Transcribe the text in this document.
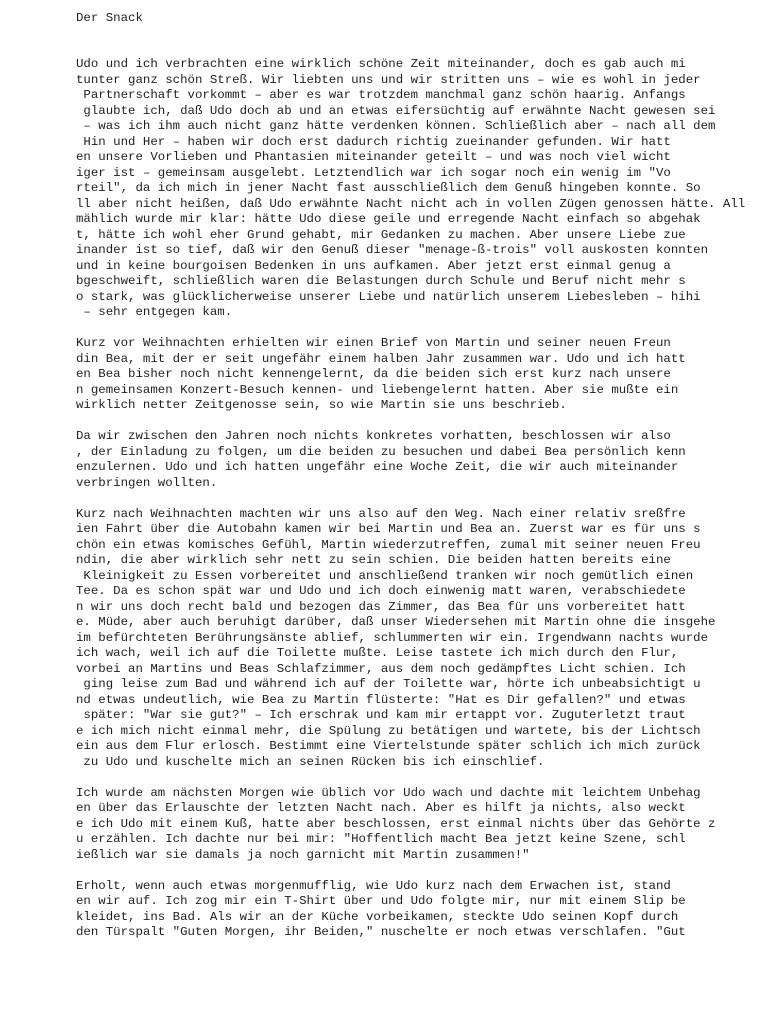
Der Snack
Udo und ich verbrachten eine wirklich schöne Zeit miteinander, doch es gab auch mi
tunter ganz schön Streß. Wir liebten uns und wir stritten uns – wie es wohl in jeder
Partnerschaft vorkommt – aber es war trotzdem manchmal ganz schön haarig. Anfangs
glaubte ich, daß Udo doch ab und an etwas eifersüchtig auf erwähnte Nacht gewesen sei
– was ich ihm auch nicht ganz hätte verdenken können. Schließlich aber – nach all dem
Hin und Her – haben wir doch erst dadurch richtig zueinander gefunden. Wir hatt
en unsere Vorlieben und Phantasien miteinander geteilt – und was noch viel wicht
iger ist – gemeinsam ausgelebt. Letztendlich war ich sogar noch ein wenig im "Vo
rteil", da ich mich in jener Nacht fast ausschließlich dem Genuß hingeben konnte. So
ll aber nicht heißen, daß Udo erwähnte Nacht nicht ach in vollen Zügen genossen hätte. All
mählich wurde mir klar: hätte Udo diese geile und erregende Nacht einfach so abgehak
t, hätte ich wohl eher Grund gehabt, mir Gedanken zu machen. Aber unsere Liebe zue
inander ist so tief, daß wir den Genuß dieser "menage-ß-trois" voll auskosten konnten
und in keine bourgoisen Bedenken in uns aufkamen. Aber jetzt erst einmal genug a
bgeschweift, schließlich waren die Belastungen durch Schule und Beruf nicht mehr s
o stark, was glücklicherweise unserer Liebe und natürlich unserem Liebesleben – hihi
– sehr entgegen kam.
Kurz vor Weihnachten erhielten wir einen Brief von Martin und seiner neuen Freun
din Bea, mit der er seit ungefähr einem halben Jahr zusammen war. Udo und ich hatt
en Bea bisher noch nicht kennengelernt, da die beiden sich erst kurz nach unsere
n gemeinsamen Konzert-Besuch kennen- und liebengelernt hatten. Aber sie mußte ein
wirklich netter Zeitgenosse sein, so wie Martin sie uns beschrieb.
Da wir zwischen den Jahren noch nichts konkretes vorhatten, beschlossen wir also
, der Einladung zu folgen, um die beiden zu besuchen und dabei Bea persönlich kenn
enzulernen. Udo und ich hatten ungefähr eine Woche Zeit, die wir auch miteinander
verbringen wollten.
Kurz nach Weihnachten machten wir uns also auf den Weg. Nach einer relativ sreßfre
ien Fahrt über die Autobahn kamen wir bei Martin und Bea an. Zuerst war es für uns s
chön ein etwas komisches Gefühl, Martin wiederzutreffen, zumal mit seiner neuen Freu
ndin, die aber wirklich sehr nett zu sein schien. Die beiden hatten bereits eine
Kleinigkeit zu Essen vorbereitet und anschließend tranken wir noch gemütlich einen
Tee. Da es schon spät war und Udo und ich doch einwenig matt waren, verabschiedete
n wir uns doch recht bald und bezogen das Zimmer, das Bea für uns vorbereitet hatt
e. Müde, aber auch beruhigt darüber, daß unser Wiedersehen mit Martin ohne die insgehe
im befürchteten Berührungsänste ablief, schlummerten wir ein. Irgendwann nachts wurde
ich wach, weil ich auf die Toilette mußte. Leise tastete ich mich durch den Flur,
vorbei an Martins und Beas Schlafzimmer, aus dem noch gedämpftes Licht schien. Ich
ging leise zum Bad und während ich auf der Toilette war, hörte ich unbeabsichtigt u
nd etwas undeutlich, wie Bea zu Martin flüsterte: "Hat es Dir gefallen?" und etwas
später: "War sie gut?" – Ich erschrak und kam mir ertappt vor. Zuguterletzt traut
e ich mich nicht einmal mehr, die Spülung zu betätigen und wartete, bis der Lichtsch
ein aus dem Flur erlosch. Bestimmt eine Viertelstunde später schlich ich mich zurück
zu Udo und kuschelte mich an seinen Rücken bis ich einschlief.
Ich wurde am nächsten Morgen wie üblich vor Udo wach und dachte mit leichtem Unbehag
en über das Erlauschte der letzten Nacht nach. Aber es hilft ja nichts, also weckt
e ich Udo mit einem Kuß, hatte aber beschlossen, erst einmal nichts über das Gehörte z
u erzählen. Ich dachte nur bei mir: "Hoffentlich macht Bea jetzt keine Szene, schl
ießlich war sie damals ja noch garnicht mit Martin zusammen!"
Erholt, wenn auch etwas morgenmufflig, wie Udo kurz nach dem Erwachen ist, stand
en wir auf. Ich zog mir ein T-Shirt über und Udo folgte mir, nur mit einem Slip be
kleidet, ins Bad. Als wir an der Küche vorbeikamen, steckte Udo seinen Kopf durch
den Türspalt "Guten Morgen, ihr Beiden," nuschelte er noch etwas verschlafen. "Gut
